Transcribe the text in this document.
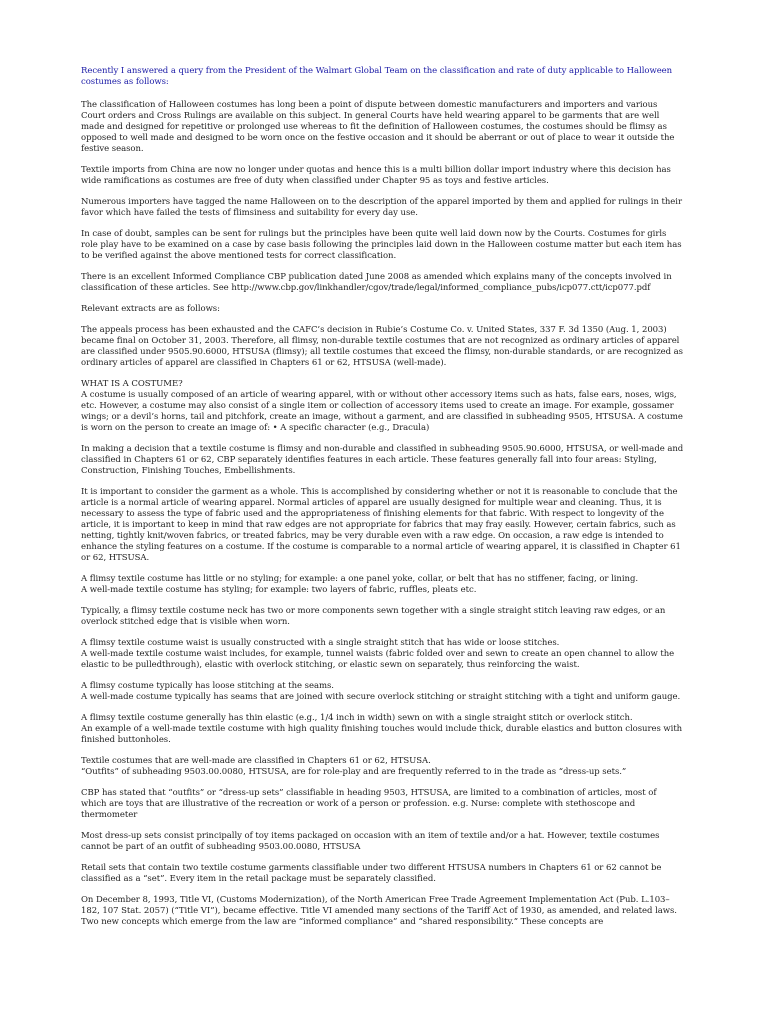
Recently I answered a query from the President of the Walmart Global Team on the classification and rate of duty applicable to Halloween costumes as follows:

The classification of Halloween costumes has long been a point of dispute between domestic manufacturers and importers and various Court orders and Cross Rulings are available on this subject. In general Courts have held wearing apparel to be garments that are well made and designed for repetitive or prolonged use whereas to fit the definition of Halloween costumes, the costumes should be flimsy as opposed to well made and designed to be worn once on the festive occasion and it should be aberrant or out of place to wear it outside the festive season.

Textile imports from China are now no longer under quotas and hence this is a multi billion dollar import industry where this decision has wide ramifications as costumes are free of duty when classified under Chapter 95 as toys and festive articles.

Numerous importers have tagged the name Halloween on to the description of the apparel imported by them and applied for rulings in their favor which have failed the tests of flimsiness and suitability for every day use.

In case of doubt, samples can be sent for rulings but the principles have been quite well laid down now by the Courts. Costumes for girls role play have to be examined on a case by case basis following the principles laid down in the Halloween costume matter but each item has to be verified against the above mentioned tests for correct classification.

There is an excellent Informed Compliance CBP publication dated June 2008 as amended which explains many of the concepts involved in classification of these articles. See http://www.cbp.gov/linkhandler/cgov/trade/legal/informed_compliance_pubs/icp077.ctt/icp077.pdf

Relevant extracts are as follows:

The appeals process has been exhausted and the CAFC’s decision in Rubie’s Costume Co. v. United States, 337 F. 3d 1350 (Aug. 1, 2003) became final on October 31, 2003. Therefore, all flimsy, non-durable textile costumes that are not recognized as ordinary articles of apparel are classified under 9505.90.6000, HTSUSA (flimsy); all textile costumes that exceed the flimsy, non-durable standards, or are recognized as ordinary articles of apparel are classified in Chapters 61 or 62, HTSUSA (well-made).

WHAT IS A COSTUME?
A costume is usually composed of an article of wearing apparel, with or without other accessory items such as hats, false ears, noses, wigs, etc. However, a costume may also consist of a single item or collection of accessory items used to create an image. For example, gossamer wings; or a devil’s horns, tail and pitchfork, create an image, without a garment, and are classified in subheading 9505, HTSUSA. A costume is worn on the person to create an image of: • A specific character (e.g., Dracula)

In making a decision that a textile costume is flimsy and non-durable and classified in subheading 9505.90.6000, HTSUSA, or well-made and classified in Chapters 61 or 62, CBP separately identifies features in each article. These features generally fall into four areas: Styling, Construction, Finishing Touches, Embellishments.

It is important to consider the garment as a whole. This is accomplished by considering whether or not it is reasonable to conclude that the article is a normal article of wearing apparel. Normal articles of apparel are usually designed for multiple wear and cleaning. Thus, it is necessary to assess the type of fabric used and the appropriateness of finishing elements for that fabric. With respect to longevity of the article, it is important to keep in mind that raw edges are not appropriate for fabrics that may fray easily. However, certain fabrics, such as netting, tightly knit/woven fabrics, or treated fabrics, may be very durable even with a raw edge. On occasion, a raw edge is intended to enhance the styling features on a costume. If the costume is comparable to a normal article of wearing apparel, it is classified in Chapter 61 or 62, HTSUSA.

A flimsy textile costume has little or no styling; for example: a one panel yoke, collar, or belt that has no stiffener, facing, or lining.
A well-made textile costume has styling; for example: two layers of fabric, ruffles, pleats etc.

Typically, a flimsy textile costume neck has two or more components sewn together with a single straight stitch leaving raw edges, or an overlock stitched edge that is visible when worn.

A flimsy textile costume waist is usually constructed with a single straight stitch that has wide or loose stitches.
A well-made textile costume waist includes, for example, tunnel waists (fabric folded over and sewn to create an open channel to allow the elastic to be pulledthrough), elastic with overlock stitching, or elastic sewn on separately, thus reinforcing the waist.

A flimsy costume typically has loose stitching at the seams.
A well-made costume typically has seams that are joined with secure overlock stitching or straight stitching with a tight and uniform gauge.

A flimsy textile costume generally has thin elastic (e.g., 1/4 inch in width) sewn on with a single straight stitch or overlock stitch.
An example of a well-made textile costume with high quality finishing touches would include thick, durable elastics and button closures with finished buttonholes.

Textile costumes that are well-made are classified in Chapters 61 or 62, HTSUSA.
“Outfits” of subheading 9503.00.0080, HTSUSA, are for role-play and are frequently referred to in the trade as “dress-up sets.”

CBP has stated that “outfits” or “dress-up sets” classifiable in heading 9503, HTSUSA, are limited to a combination of articles, most of which are toys that are illustrative of the recreation or work of a person or profession. e.g. Nurse: complete with stethoscope and thermometer

Most dress-up sets consist principally of toy items packaged on occasion with an item of textile and/or a hat. However, textile costumes cannot be part of an outfit of subheading 9503.00.0080, HTSUSA

Retail sets that contain two textile costume garments classifiable under two different HTSUSA numbers in Chapters 61 or 62 cannot be classified as a “set”. Every item in the retail package must be separately classified.

On December 8, 1993, Title VI, (Customs Modernization), of the North American Free Trade Agreement Implementation Act (Pub. L.103–182, 107 Stat. 2057) (“Title VI”), became effective. Title VI amended many sections of the Tariff Act of 1930, as amended, and related laws. Two new concepts which emerge from the law are “informed compliance” and “shared responsibility.” These concepts are
